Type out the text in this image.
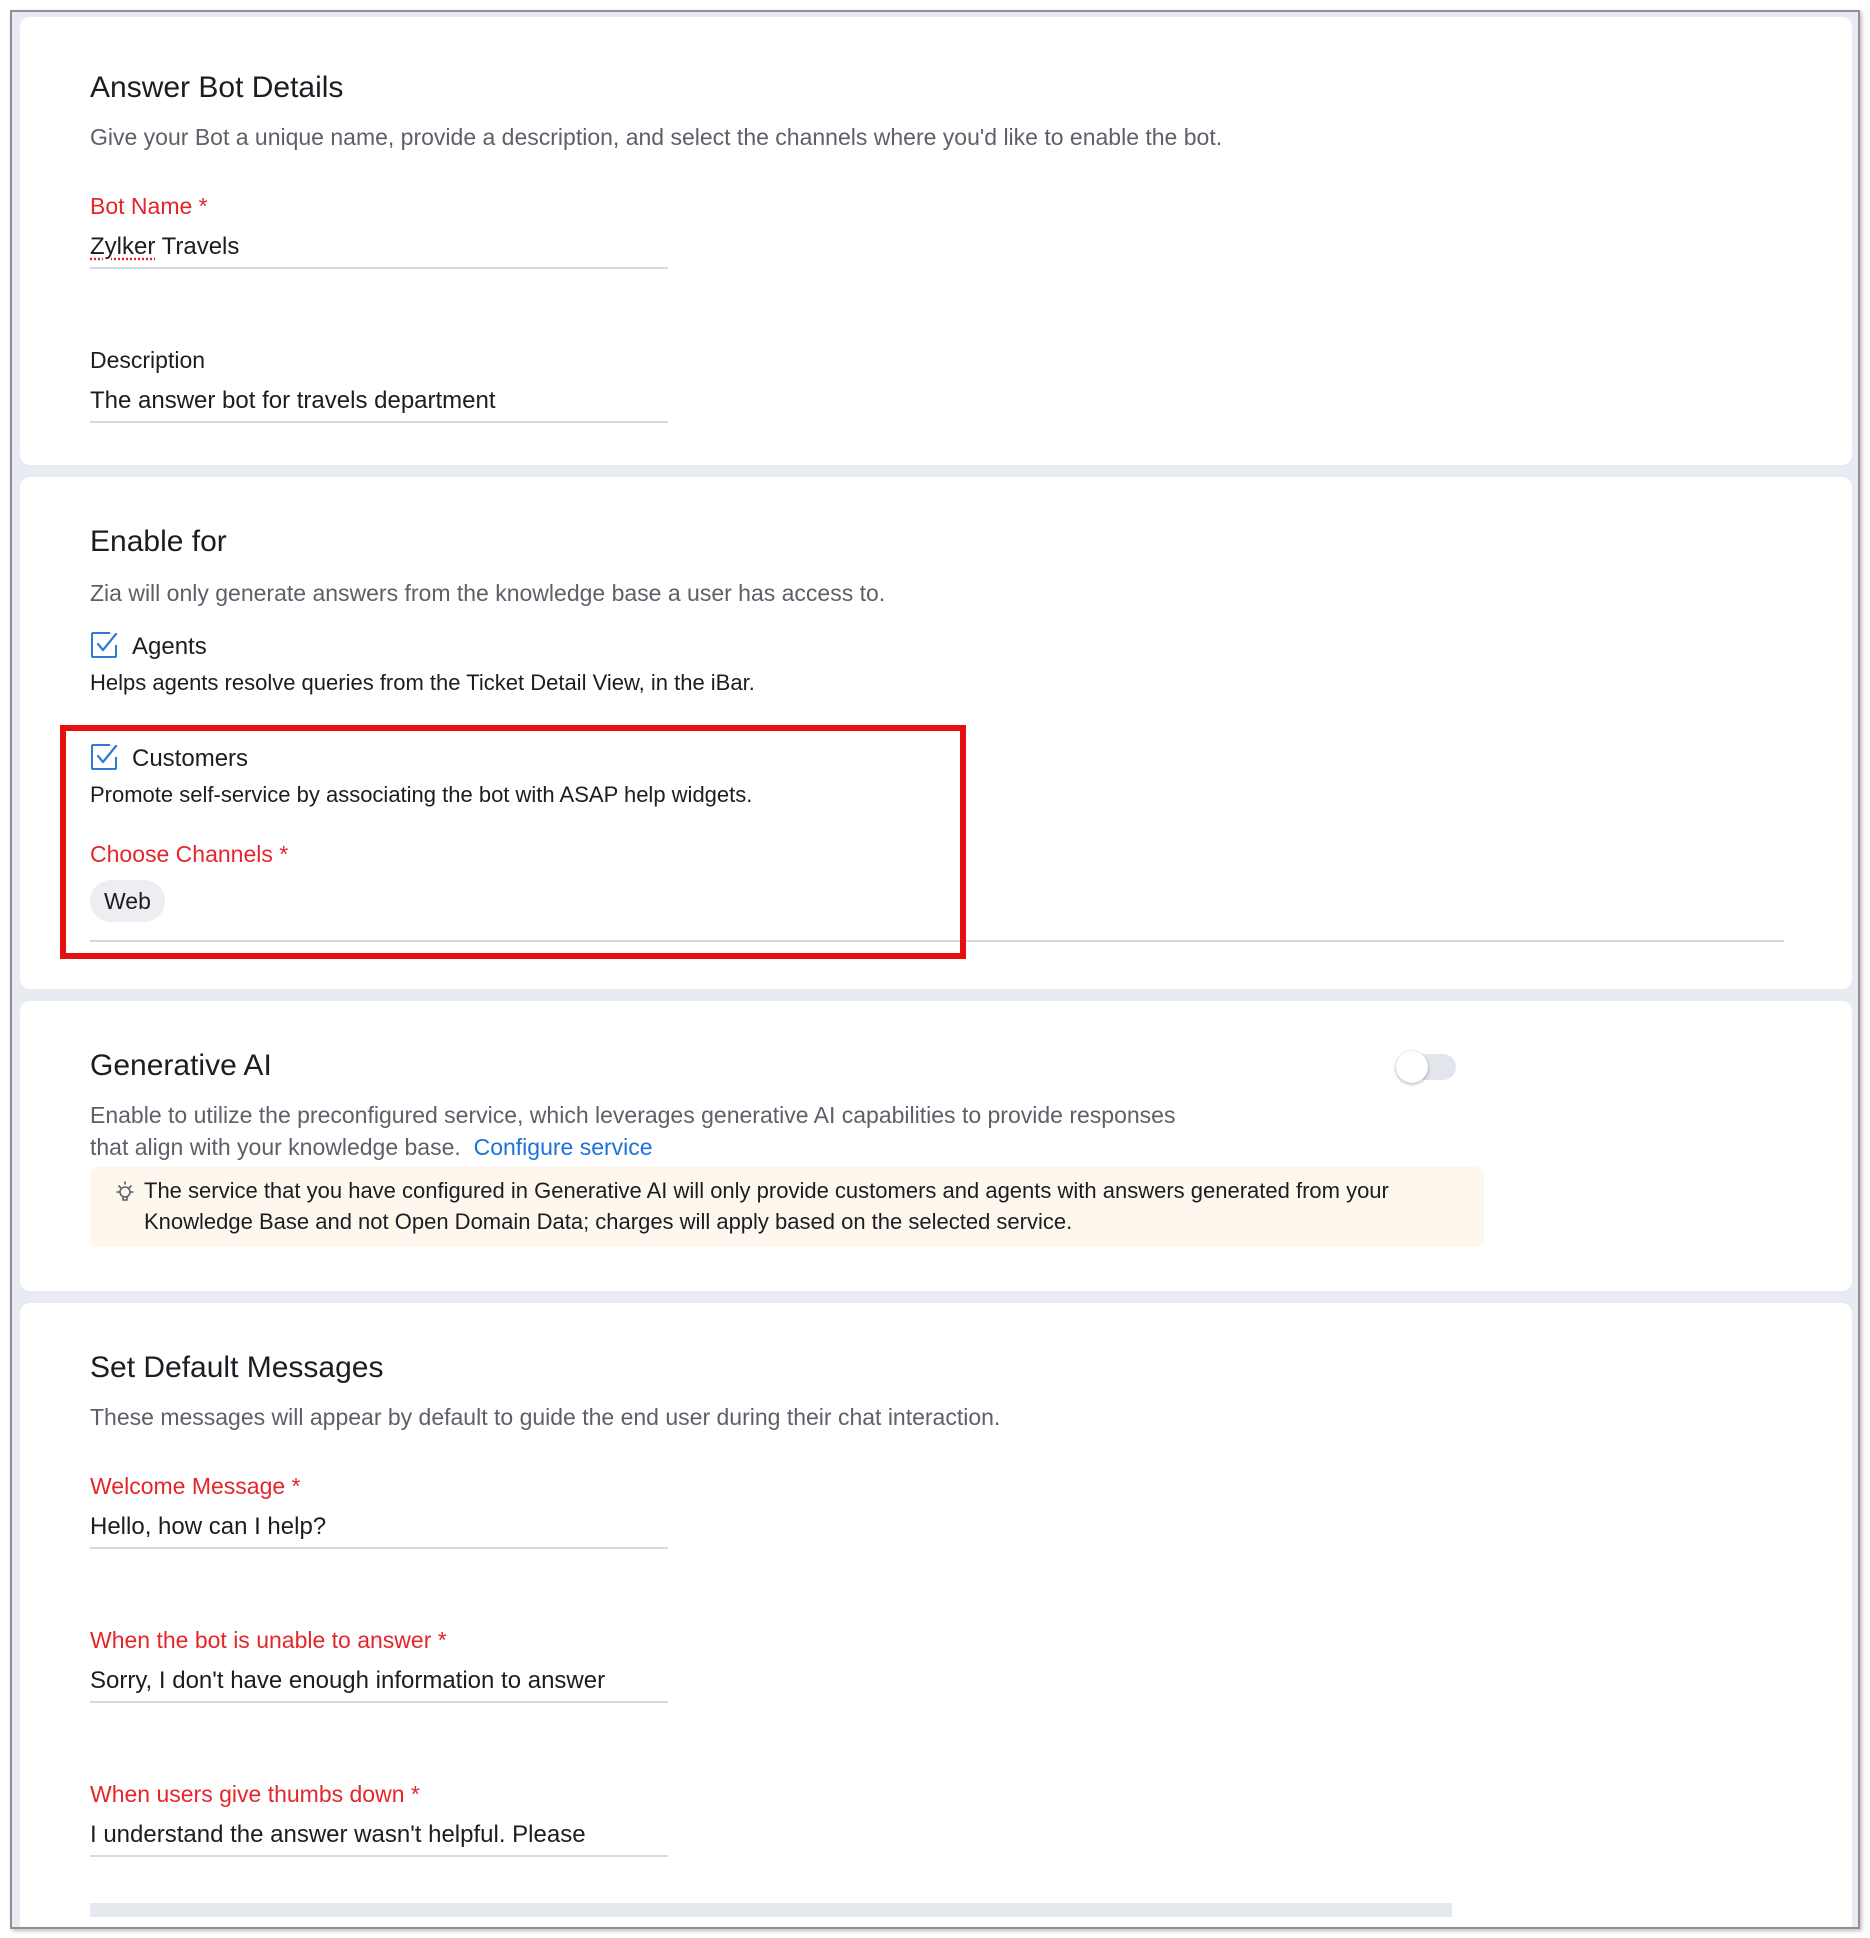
Answer Bot Details
Give your Bot a unique name, provide a description, and select the channels where you'd like to enable the bot.
Bot Name *
Zylker Travels
Description
The answer bot for travels department
Enable for
Zia will only generate answers from the knowledge base a user has access to.
Agents
Helps agents resolve queries from the Ticket Detail View, in the iBar.
Customers
Promote self-service by associating the bot with ASAP help widgets.
Choose Channels *
Web
Generative AI
Enable to utilize the preconfigured service, which leverages generative AI capabilities to provide responses
that align with your knowledge base. Configure service
The service that you have configured in Generative AI will only provide customers and agents with answers generated from your
Knowledge Base and not Open Domain Data; charges will apply based on the selected service.
Set Default Messages
These messages will appear by default to guide the end user during their chat interaction.
Welcome Message *
Hello, how can I help?
When the bot is unable to answer *
Sorry, I don't have enough information to answer
When users give thumbs down *
I understand the answer wasn't helpful. Please
